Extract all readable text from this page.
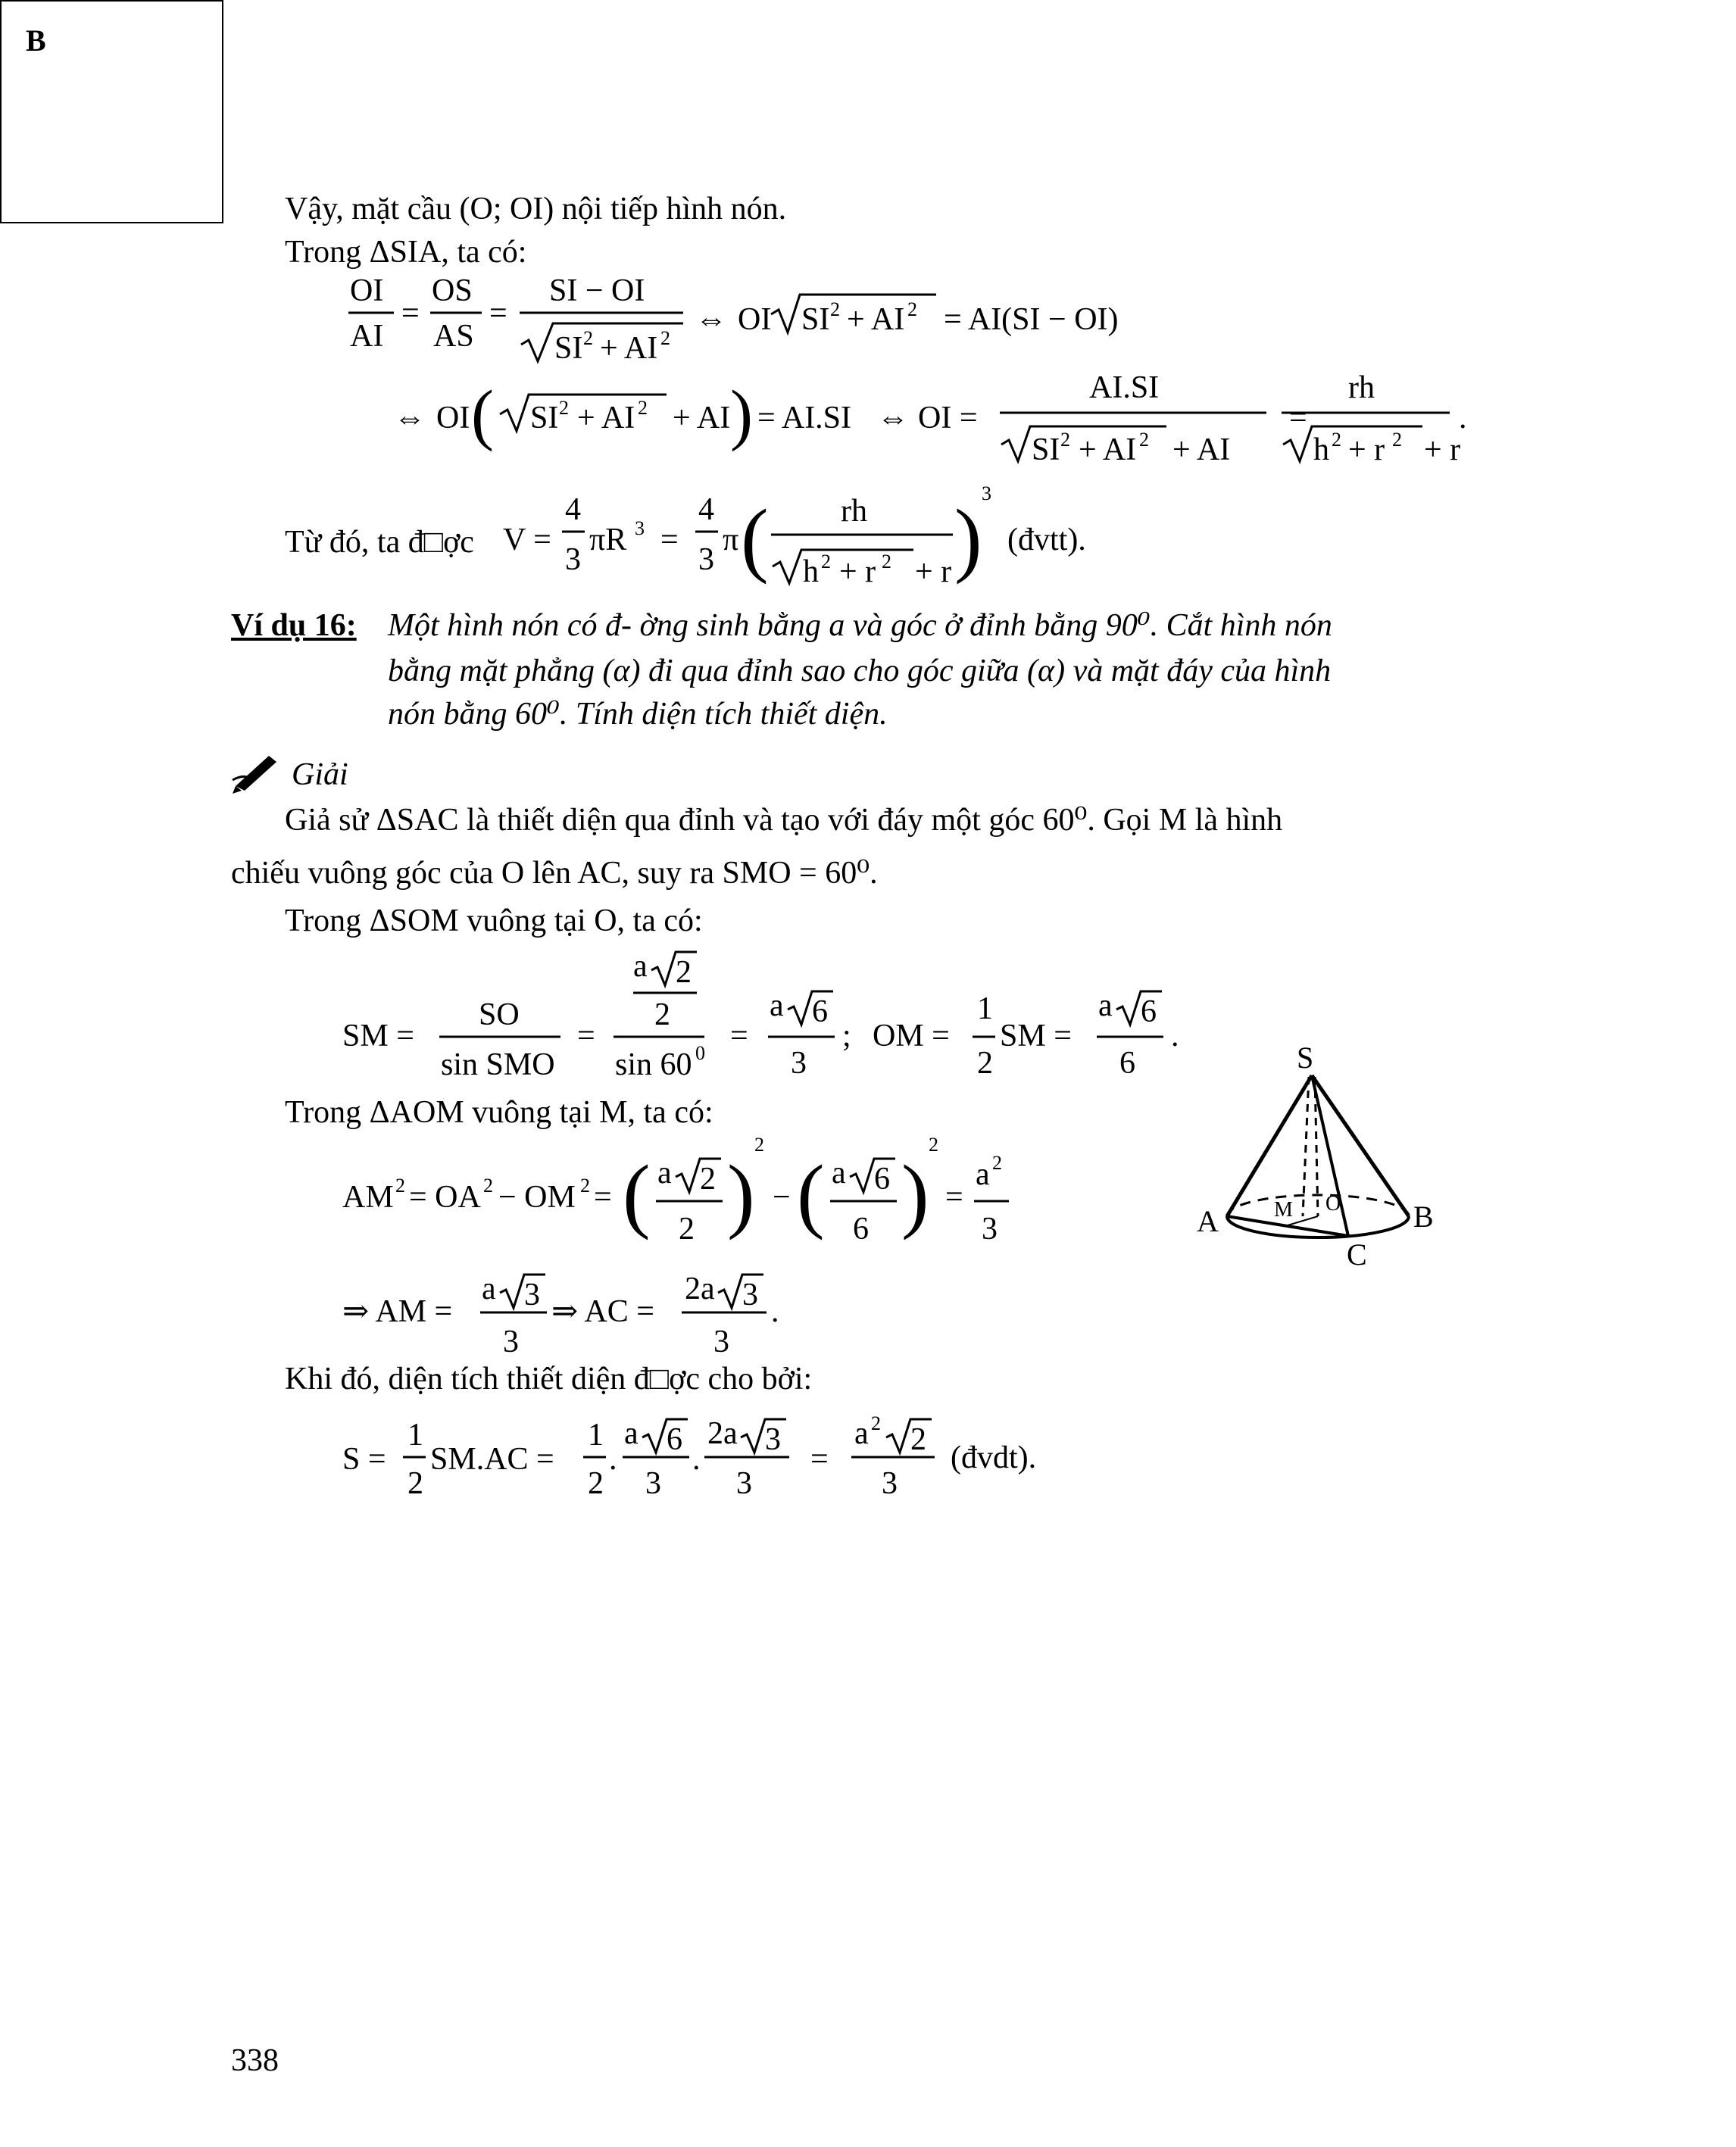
B
Vậy, mặt cầu (O; OI) nội tiếp hình nón.
Trong ΔSIA, ta có:
OI
AI
=
OS
AS
=
SI − OI
SI 2 + AI 2
⇔ OI SI 2 + AI 2 = AI(SI − OI)
⇔ OI ( SI 2 + AI 2 + AI ) = AI.SI ⇔ OI =
AI.SI
SI 2 + AI 2 + AI
=
rh
h 2 + r 2 + r
.
Từ đó, ta đ□ợc V =
4
3
πR 3 =
4
3
π ( rh
h 2 + r 2 + r ) 3
(đvtt).
Ví dụ 16: Một hình nón có đ- ờng sinh bằng a và góc ở đỉnh bằng 90⁰. Cắt hình nón
bằng mặt phẳng (α) đi qua đỉnh sao cho góc giữa (α) và mặt đáy của hình
nón bằng 60⁰. Tính diện tích thiết diện.
Giải
Giả sử ΔSAC là thiết diện qua đỉnh và tạo với đáy một góc 60⁰. Gọi M là hình
chiếu vuông góc của O lên AC, suy ra SMO = 60⁰.
Trong ΔSOM vuông tại O, ta có:
SM =
SO
sin SMO
=
a 2
2
sin 60 0 =
a 6
3
; OM =
1
2
SM =
a 6
6
.
Trong ΔAOM vuông tại M, ta có:
AM 2 = OA 2 − OM 2 = ( a 2
2 )
2
− ( a 6
6 )
2
=
a 2
3
⇒ AM =
a 3
3
⇒ AC =
2a 3
3
.
Khi đó, diện tích thiết diện đ□ợc cho bởi:
S =
1
2
SM.AC =
1
2
.
a 6
3
.
2a 3
3
=
a 2 2
3
(đvdt).
S
A	B
C
M O
338
